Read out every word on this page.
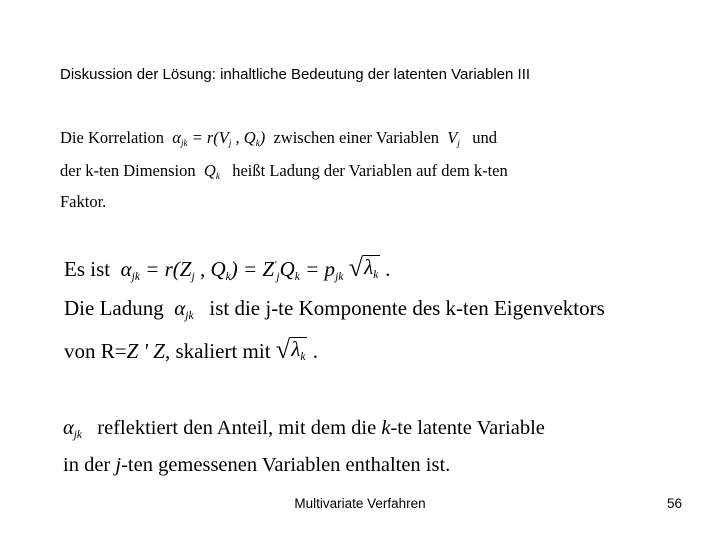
Diskussion der Lösung: inhaltliche Bedeutung der latenten Variablen III
Die Korrelation  $\alpha_{jk} = r(V_j$ , $Q_k$)  zwischen einer Variablen  $V_j$ und
der k-ten Dimension  $Q_k$ heißt Ladung der Variablen auf dem k-ten
Faktor.
Es ist  $\alpha_{jk} = r(Z_j$ , $Q_k) = Z'_jQ_k = p_{jk}$ √ $\lambda_k$ .
Die Ladung  $\alpha_{jk}$ ist die j-te Komponente des k-ten Eigenvektors
von R=Z ' Z, skaliert mit √ $\lambda_k$ .
$\alpha_{jk}$ reflektiert den Anteil, mit dem die k-te latente Variable
in der j-ten gemessenen Variablen enthalten ist.
Multivariate Verfahren	56
